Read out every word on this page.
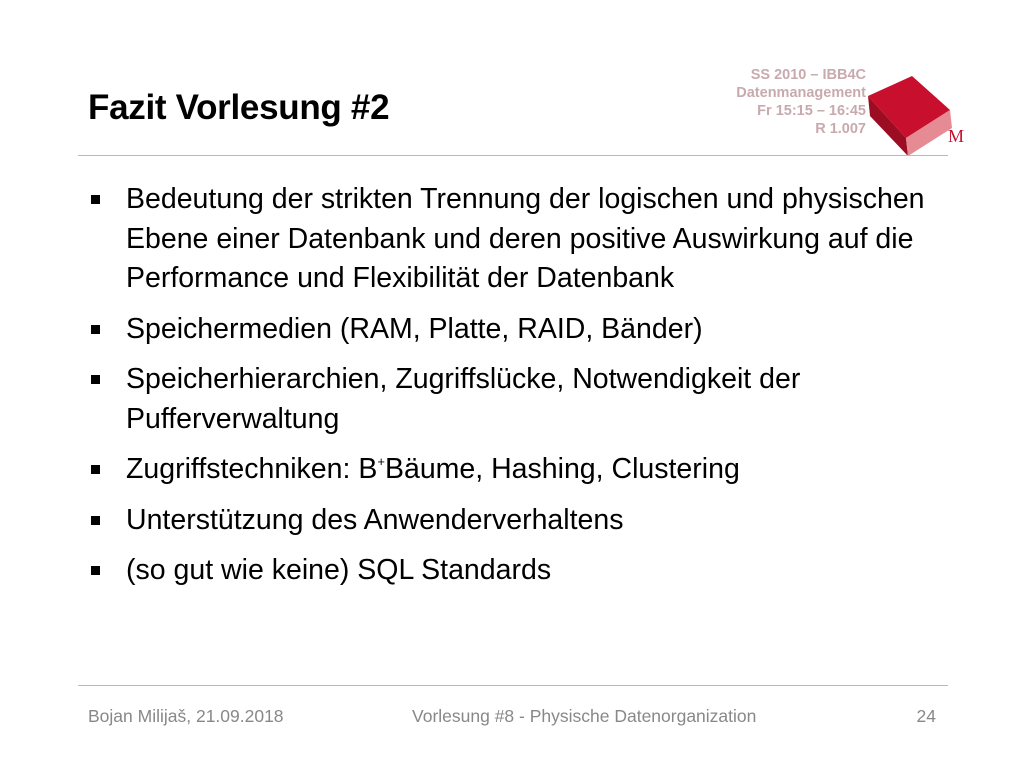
Fazit Vorlesung #2
SS 2010 – IBB4C
Datenmanagement
Fr 15:15 – 16:45
R 1.007	M
Bedeutung der strikten Trennung der logischen und physischen Ebene einer Datenbank und deren positive Auswirkung auf die Performance und Flexibilität der Datenbank
Speichermedien (RAM, Platte, RAID, Bänder)
Speicherhierarchien, Zugriffslücke, Notwendigkeit der Pufferverwaltung
Zugriffstechniken: B+Bäume, Hashing, Clustering
Unterstützung des Anwenderverhaltens
(so gut wie keine) SQL Standards
Bojan Milijaš, 21.09.2018	Vorlesung #8 - Physische Datenorganization	24
